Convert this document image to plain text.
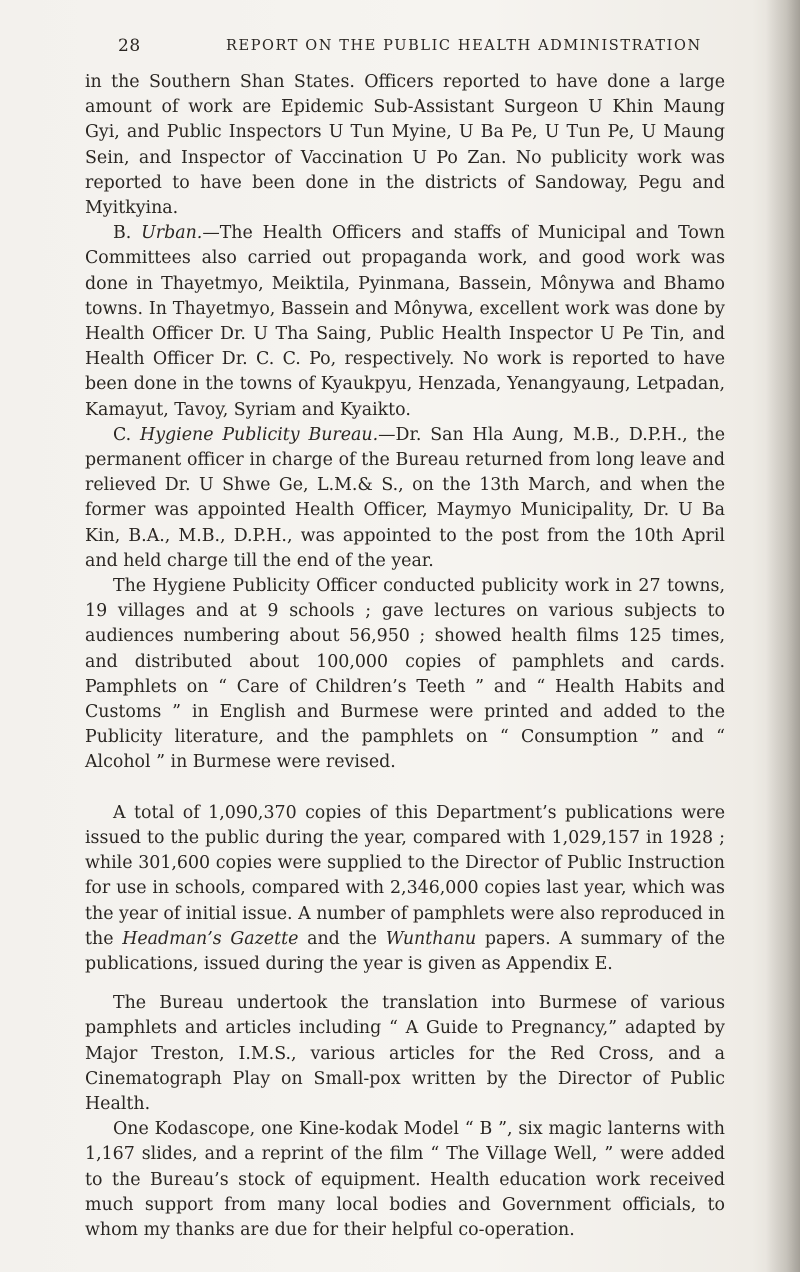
28	REPORT ON THE PUBLIC HEALTH ADMINISTRATION

in the Southern Shan States. Officers reported to have done a large amount of work are Epidemic Sub-Assistant Surgeon U Khin Maung Gyi, and Public Inspectors U Tun Myine, U Ba Pe, U Tun Pe, U Maung Sein, and Inspector of Vaccination U Po Zan. No publicity work was reported to have been done in the districts of Sandoway, Pegu and Myitkyina.

B. Urban.—The Health Officers and staffs of Municipal and Town Committees also carried out propaganda work, and good work was done in Thayetmyo, Meiktila, Pyinmana, Bassein, Mônywa and Bhamo towns. In Thayetmyo, Bassein and Mônywa, excellent work was done by Health Officer Dr. U Tha Saing, Public Health Inspector U Pe Tin, and Health Officer Dr. C. C. Po, respectively. No work is reported to have been done in the towns of Kyaukpyu, Henzada, Yenangyaung, Letpadan, Kamayut, Tavoy, Syriam and Kyaikto.

C. Hygiene Publicity Bureau.—Dr. San Hla Aung, M.B., D.P.H., the permanent officer in charge of the Bureau returned from long leave and relieved Dr. U Shwe Ge, L.M.& S., on the 13th March, and when the former was appointed Health Officer, Maymyo Municipality, Dr. U Ba Kin, B.A., M.B., D.P.H., was appointed to the post from the 10th April and held charge till the end of the year.

The Hygiene Publicity Officer conducted publicity work in 27 towns, 19 villages and at 9 schools ; gave lectures on various subjects to audiences numbering about 56,950 ; showed health films 125 times, and distributed about 100,000 copies of pamphlets and cards. Pamphlets on “ Care of Children’s Teeth ” and “ Health Habits and Customs ” in English and Burmese were printed and added to the Publicity literature, and the pamphlets on “ Consumption ” and “ Alcohol ” in Burmese were revised.

A total of 1,090,370 copies of this Department’s publications were issued to the public during the year, compared with 1,029,157 in 1928 ; while 301,600 copies were supplied to the Director of Public Instruction for use in schools, compared with 2,346,000 copies last year, which was the year of initial issue. A number of pamphlets were also reproduced in the Headman’s Gazette and the Wunthanu papers. A summary of the publications, issued during the year is given as Appendix E.

The Bureau undertook the translation into Burmese of various pamphlets and articles including “ A Guide to Pregnancy,” adapted by Major Treston, I.M.S., various articles for the Red Cross, and a Cinematograph Play on Small-pox written by the Director of Public Health.

One Kodascope, one Kine-kodak Model “ B ”, six magic lanterns with 1,167 slides, and a reprint of the film “ The Village Well, ” were added to the Bureau’s stock of equipment. Health education work received much support from many local bodies and Government officials, to whom my thanks are due for their helpful co-operation.
